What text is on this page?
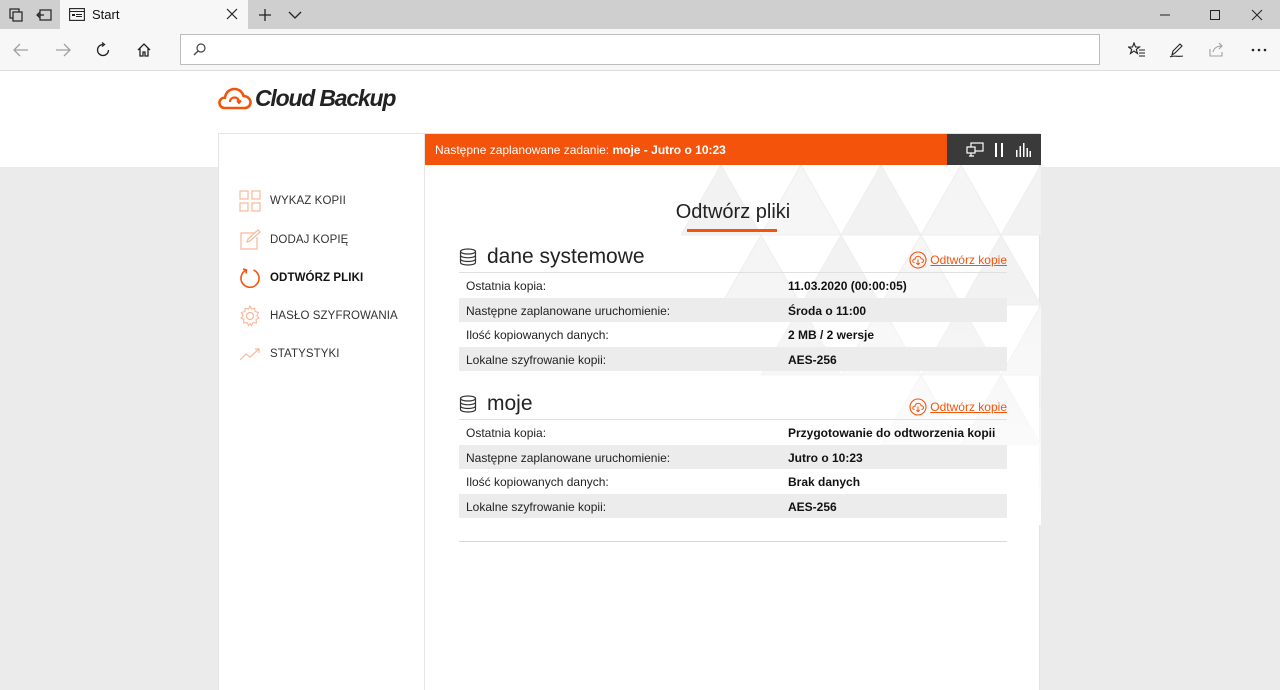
Start
Cloud Backup
WYKAZ KOPII
DODAJ KOPIĘ
ODTWÓRZ PLIKI
HASŁO SZYFROWANIA
STATYSTYKI
Następne zaplanowane zadanie: moje - Jutro o 10:23
Odtwórz pliki
dane systemowe	Odtwórz kopie
Ostatnia kopia:	11.03.2020 (00:00:05)
Następne zaplanowane uruchomienie:	Środa o 11:00
Ilość kopiowanych danych:	2 MB / 2 wersje
Lokalne szyfrowanie kopii:	AES-256
moje	Odtwórz kopie
Ostatnia kopia:	Przygotowanie do odtworzenia kopii
Następne zaplanowane uruchomienie:	Jutro o 10:23
Ilość kopiowanych danych:	Brak danych
Lokalne szyfrowanie kopii:	AES-256
